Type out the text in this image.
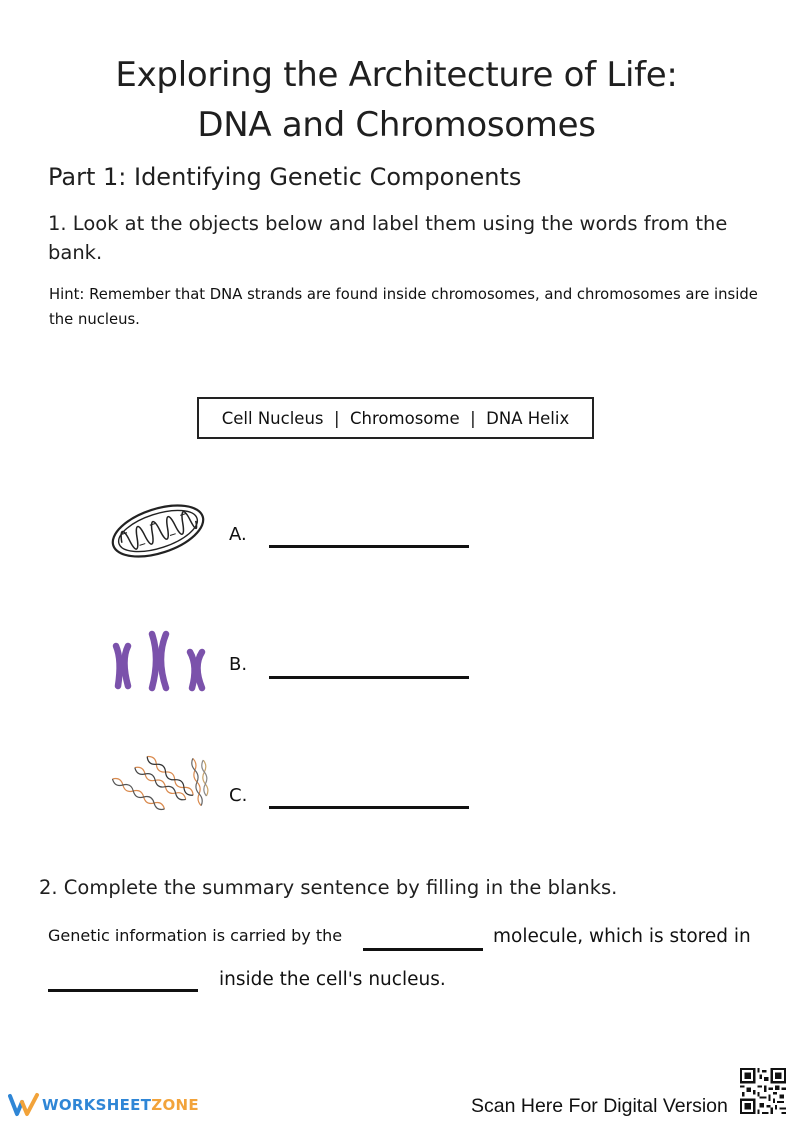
Exploring the Architecture of Life:
DNA and Chromosomes
Part 1: Identifying Genetic Components
1. Look at the objects below and label them using the words from the
bank.
Hint: Remember that DNA strands are found inside chromosomes, and chromosomes are inside the nucleus.
Cell Nucleus  |  Chromosome  |  DNA Helix
A.
B.
C.
2. Complete the summary sentence by filling in the blanks.
Genetic information is carried by the	molecule, which is stored in
inside the cell's nucleus.
WORKSHEETZONE	Scan Here For Digital Version
